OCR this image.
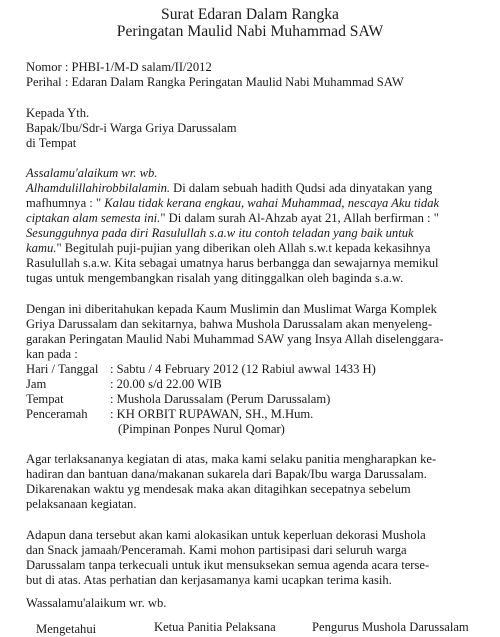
Surat Edaran Dalam Rangka
Peringatan Maulid Nabi Muhammad SAW
Nomor : PHBI-1/M-D salam/II/2012
Perihal : Edaran Dalam Rangka Peringatan Maulid Nabi Muhammad SAW
Kepada Yth.
Bapak/Ibu/Sdr-i Warga Griya Darussalam
di Tempat
Assalamu'alaikum wr. wb.
Alhamdulillahirobbilalamin. Di dalam sebuah hadith Qudsi ada dinyatakan yang
mafhumnya : " Kalau tidak kerana engkau, wahai Muhammad, nescaya Aku tidak
ciptakan alam semesta ini." Di dalam surah Al-Ahzab ayat 21, Allah berfirman : "
Sesungguhnya pada diri Rasulullah s.a.w itu contoh teladan yang baik untuk
kamu." Begitulah puji-pujian yang diberikan oleh Allah s.w.t kepada kekasihnya
Rasulullah s.a.w. Kita sebagai umatnya harus berbangga dan sewajarnya memikul
tugas untuk mengembangkan risalah yang ditinggalkan oleh baginda s.a.w.
Dengan ini diberitahukan kepada Kaum Muslimin dan Muslimat Warga Komplek
Griya Darussalam dan sekitarnya, bahwa Mushola Darussalam akan menyeleng-
garakan Peringatan Maulid Nabi Muhammad SAW yang Insya Allah diselenggara-
kan pada :
Hari / Tanggal : Sabtu / 4 February 2012 (12 Rabiul awwal 1433 H)
Jam	: 20.00 s/d 22.00 WIB
Tempat	: Mushola Darussalam (Perum Darussalam)
Penceramah : KH ORBIT RUPAWAN, SH., M.Hum.
(Pimpinan Ponpes Nurul Qomar)
Agar terlaksananya kegiatan di atas, maka kami selaku panitia mengharapkan ke-
hadiran dan bantuan dana/makanan sukarela dari Bapak/Ibu warga Darussalam.
Dikarenakan waktu yg mendesak maka akan ditagihkan secepatnya sebelum
pelaksanaan kegiatan.
Adapun dana tersebut akan kami alokasikan untuk keperluan dekorasi Mushola
dan Snack jamaah/Penceramah. Kami mohon partisipasi dari seluruh warga
Darussalam tanpa terkecuali untuk ikut mensuksekan semua agenda acara terse-
but di atas. Atas perhatian dan kerjasamanya kami ucapkan terima kasih.
Wassalamu'alaikum wr. wb.
Mengetahui	Ketua Panitia Pelaksana	Pengurus Mushola Darussalam
